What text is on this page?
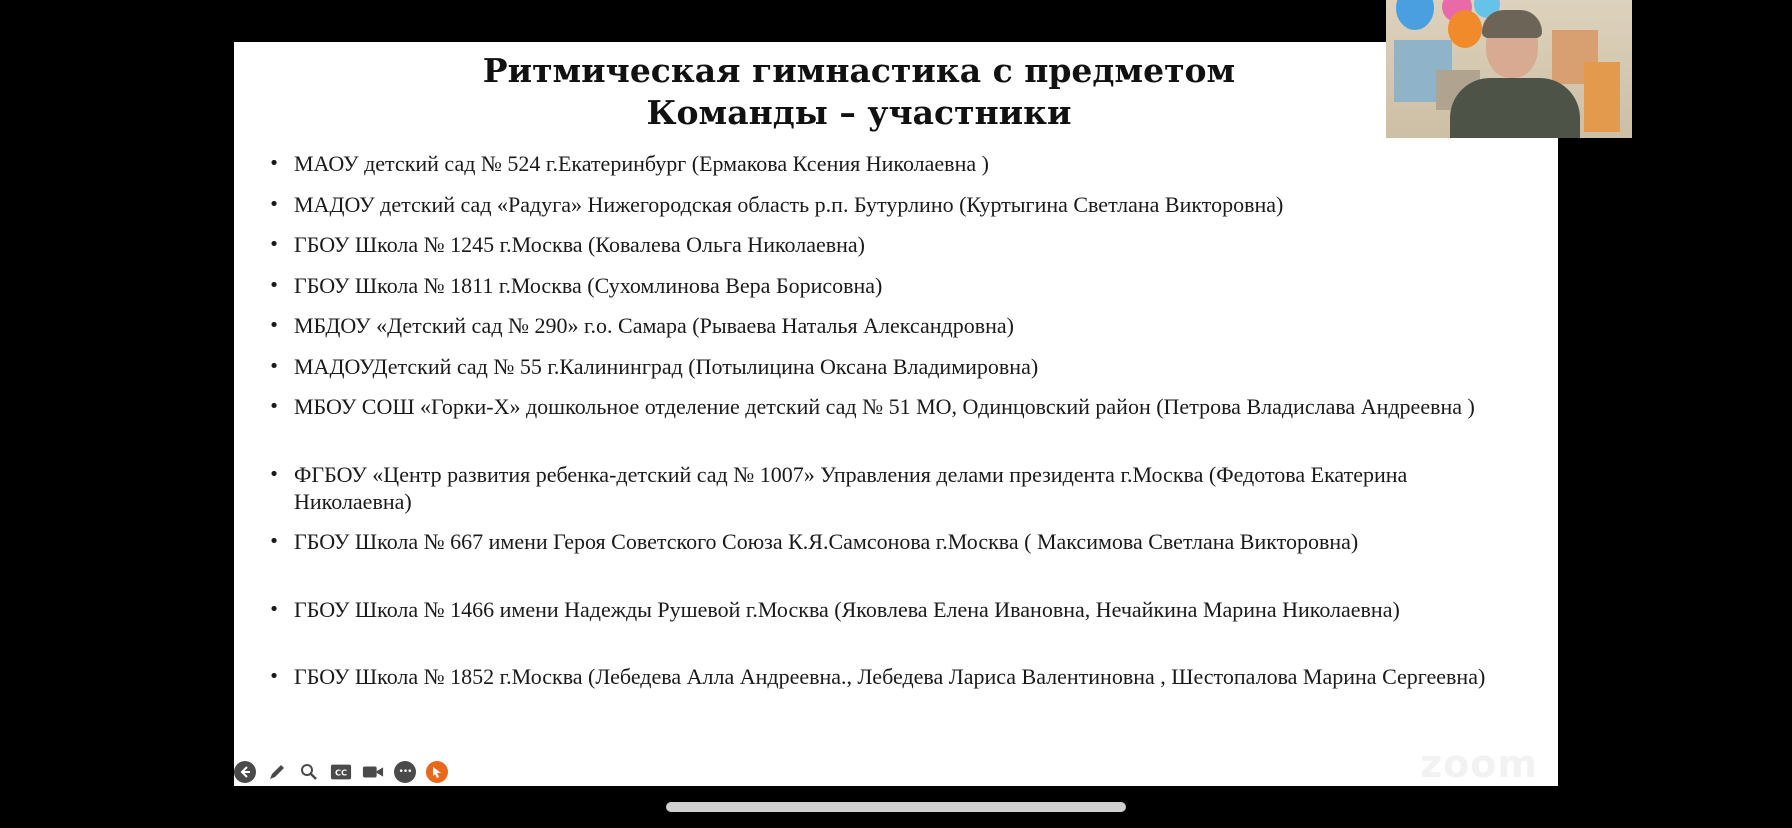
Ритмическая гимнастика с предметом
Команды – участники
• МАОУ детский сад № 524 г.Екатеринбург (Ермакова Ксения Николаевна )
• МАДОУ детский сад «Радуга» Нижегородская область р.п. Бутурлино (Куртыгина Светлана Викторовна)
• ГБОУ Школа № 1245 г.Москва (Ковалева Ольга Николаевна)
• ГБОУ Школа № 1811 г.Москва (Сухомлинова Вера Борисовна)
• МБДОУ «Детский сад № 290» г.о. Самара (Рываева Наталья Александровна)
• МАДОУДетский сад № 55 г.Калининград (Потылицина Оксана Владимировна)
• МБОУ СОШ «Горки-Х» дошкольное отделение детский сад № 51 МО, Одинцовский район (Петрова Владислава Андреевна )
• ФГБОУ «Центр развития ребенка-детский сад № 1007» Управления делами президента г.Москва (Федотова Екатерина Николаевна)
• ГБОУ Школа № 667 имени Героя Советского Союза К.Я.Самсонова г.Москва ( Максимова Светлана Викторовна)
• ГБОУ Школа № 1466 имени Надежды Рушевой г.Москва (Яковлева Елена Ивановна, Нечайкина Марина Николаевна)
• ГБОУ Школа № 1852 г.Москва (Лебедева Алла Андреевна., Лебедева Лариса Валентиновна , Шестопалова Марина Сергеевна)
CC	•••	zoom
